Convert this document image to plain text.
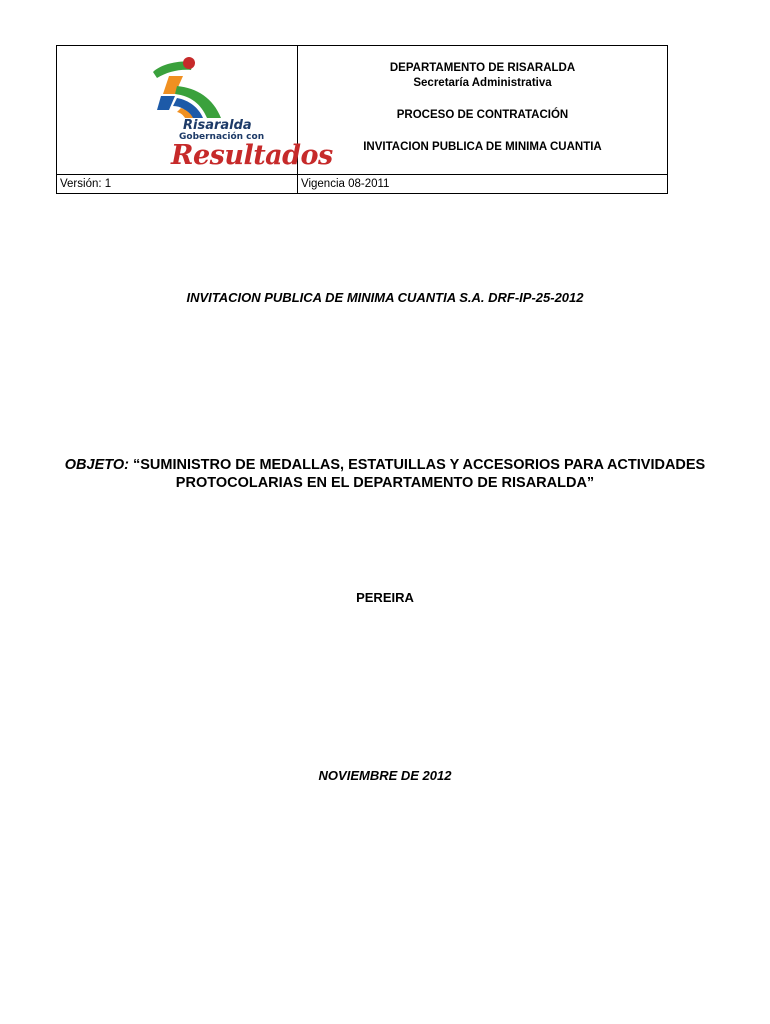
Risaralda
Gobernación con
Resultados	DEPARTAMENTO DE RISARALDA
Secretaría Administrativa
PROCESO DE CONTRATACIÓN
INVITACION PUBLICA DE MINIMA CUANTIA

Versión: 1	Vigencia 08-2011
INVITACION PUBLICA DE MINIMA CUANTIA S.A. DRF-IP-25-2012
OBJETO: “SUMINISTRO DE MEDALLAS, ESTATUILLAS Y ACCESORIOS PARA ACTIVIDADES
PROTOCOLARIAS EN EL DEPARTAMENTO DE RISARALDA”
PEREIRA
NOVIEMBRE DE 2012
